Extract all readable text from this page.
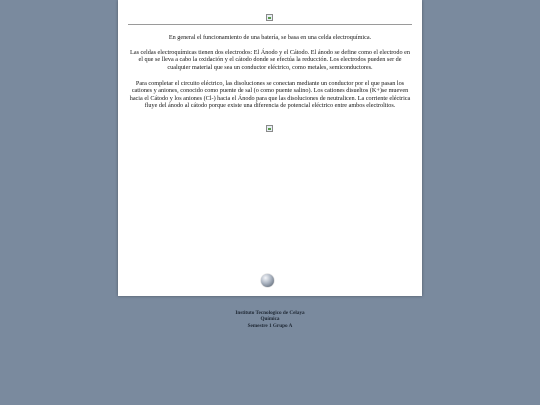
En general el funcionamiento de una batería, se basa en una celda electroquímica.

Las celdas electroquímicas tienen dos electrodos: El Ánodo y el Cátodo. El ánodo se define como el electrodo en el que se lleva a cabo la oxidación y el cátodo donde se efectúa la reducción. Los electrodos pueden ser de cualquier material que sea un conductor eléctrico, como metales, semiconductores.

Para completar el circuito eléctrico, las disoluciones se conectan mediante un conductor por el que pasan los cationes y aniones, conocido como puente de sal (o como puente salino). Los cationes disueltos (K+)se mueven hacia el Cátodo y los aniones (Cl-) hacia el Ánodo para que las disoluciones de neutralicen. La corriente eléctrica fluye del ánodo al cátodo porque existe una diferencia de potencial eléctrico entre ambos electrolitos.

Instituto Tecnologico de Celaya
Química
Semestre 1 Grupo A
